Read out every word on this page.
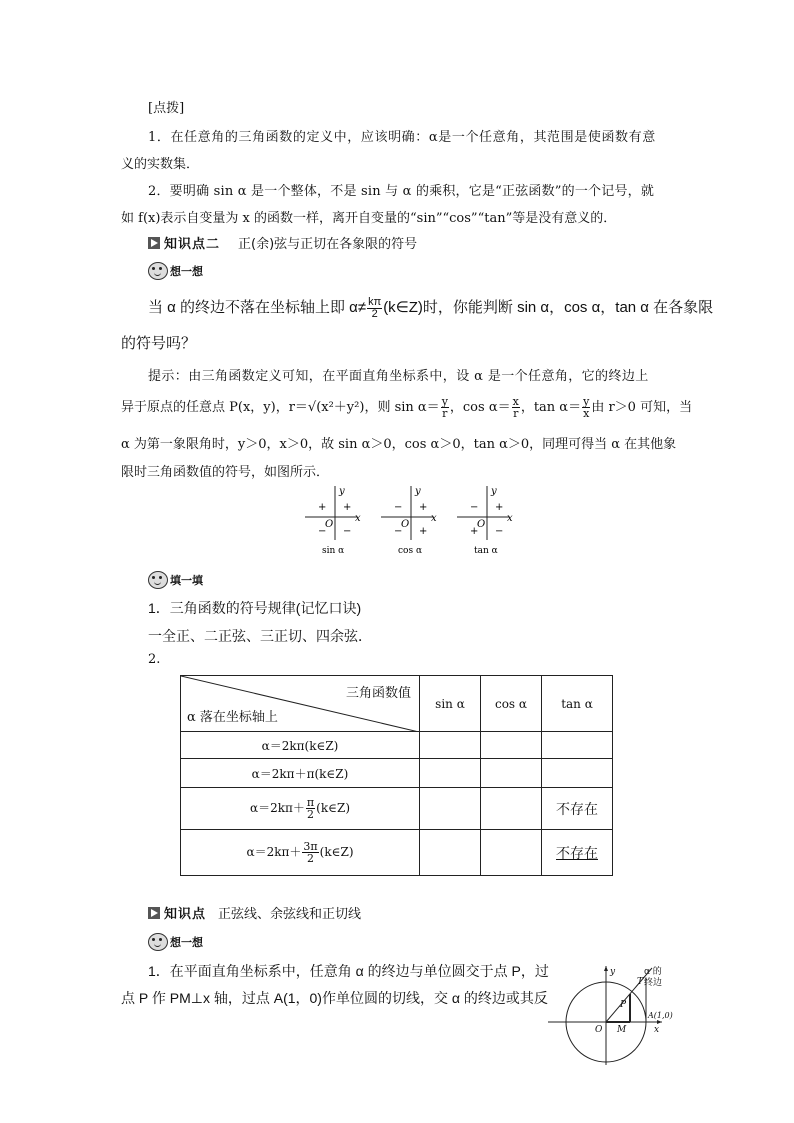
[点拨]
1．在任意角的三角函数的定义中，应该明确：α是一个任意角，其范围是使函数有意
义的实数集．
2．要明确 sin α 是一个整体，不是 sin 与 α 的乘积，它是“正弦函数”的一个记号，就
如 f(x)表示自变量为 x 的函数一样，离开自变量的“sin”“cos”“tan”等是没有意义的．
知识点二 正(余)弦与正切在各象限的符号
想一想
当 α 的终边不落在坐标轴上即 $\alpha\ne \frac{k\pi}{2}$ (k∈Z)时，你能判断 sin α，cos α，tan α 在各象限
的符号吗？
提示：由三角函数定义可知，在平面直角坐标系中，设 α 是一个任意角，它的终边上
异于原点的任意点 P(x，y)，r＝√(x²＋y²)，则 $\sin \alpha= \frac{y}{r}$ ，$\cos \alpha= \frac{x}{r}$ ，$\tan \alpha= \frac{y}{x}$ 由 r＞0 可知，当
α 为第一象限角时，y＞0，x＞0，故 sin α＞0，cos α＞0，tan α＞0，同理可得当 α 在其他象
限时三角函数值的符号，如图所示．
y
x
O
+
+
− −
sin α
y
x
O
+
−
− +
cos α
y
x
O
+
−
+ −
tan α
填一填
1．三角函数的符号规律(记忆口诀)
一全正、二正弦、三正切、四余弦．
2.
三角函数值
α 落在坐标轴上	sin α	cos α	tan α
α＝2kπ(k∈Z)			
α＝2kπ＋π(k∈Z)			
$\alpha=2k\pi+ \frac{\pi}{2}$ (k∈Z)			不存在
$\alpha=2k\pi+ \frac{3\pi}{2}$ (k∈Z)			不存在
知识点 正弦线、余弦线和正切线
想一想
1．在平面直角坐标系中，任意角 α 的终边与单位圆交于点 P，过
点 P 作 PM⊥x 轴，过点 A(1，0)作单位圆的切线，交 α 的终边或其反
y
T
P
O M
A(1,0)
x
α 的
终边
